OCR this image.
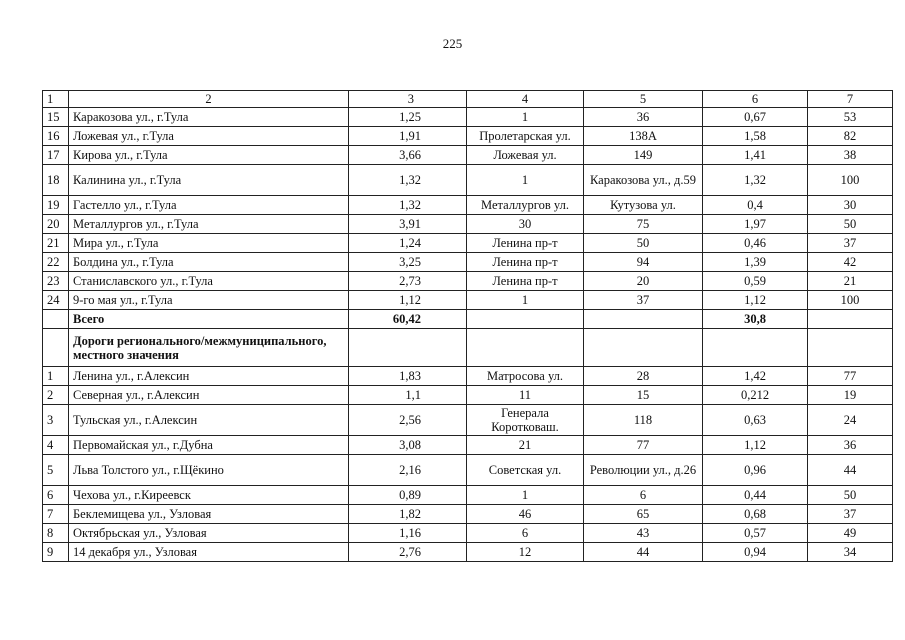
225
1	2	3	4	5	6	7
15	Каракозова ул., г.Тула	1,25	1	36	0,67	53
16	Ложевая ул., г.Тула	1,91	Пролетарская ул.	138А	1,58	82
17	Кирова ул., г.Тула	3,66	Ложевая ул.	149	1,41	38
18	Калинина ул., г.Тула	1,32	1	Каракозова ул., д.59	1,32	100
19	Гастелло ул., г.Тула	1,32	Металлургов ул.	Кутузова ул.	0,4	30
20	Металлургов ул., г.Тула	3,91	30	75	1,97	50
21	Мира ул., г.Тула	1,24	Ленина пр-т	50	0,46	37
22	Болдина ул., г.Тула	3,25	Ленина пр-т	94	1,39	42
23	Станиславского ул., г.Тула	2,73	Ленина пр-т	20	0,59	21
24	9-го мая ул., г.Тула	1,12	1	37	1,12	100
	Всего	60,42			30,8	
	Дороги регионального/межмуниципального, местного значения					
1	Ленина ул., г.Алексин	1,83	Матросова ул.	28	1,42	77
2	Северная ул., г.Алексин	1,1	11	15	0,212	19
3	Тульская ул., г.Алексин	2,56	Генерала Коротковаш.	118	0,63	24
4	Первомайская ул., г.Дубна	3,08	21	77	1,12	36
5	Льва Толстого ул., г.Щёкино	2,16	Советская ул.	Революции ул., д.26	0,96	44
6	Чехова ул., г.Киреевск	0,89	1	6	0,44	50
7	Беклемищева ул., Узловая	1,82	46	65	0,68	37
8	Октябрьская ул., Узловая	1,16	6	43	0,57	49
9	14 декабря ул., Узловая	2,76	12	44	0,94	34
